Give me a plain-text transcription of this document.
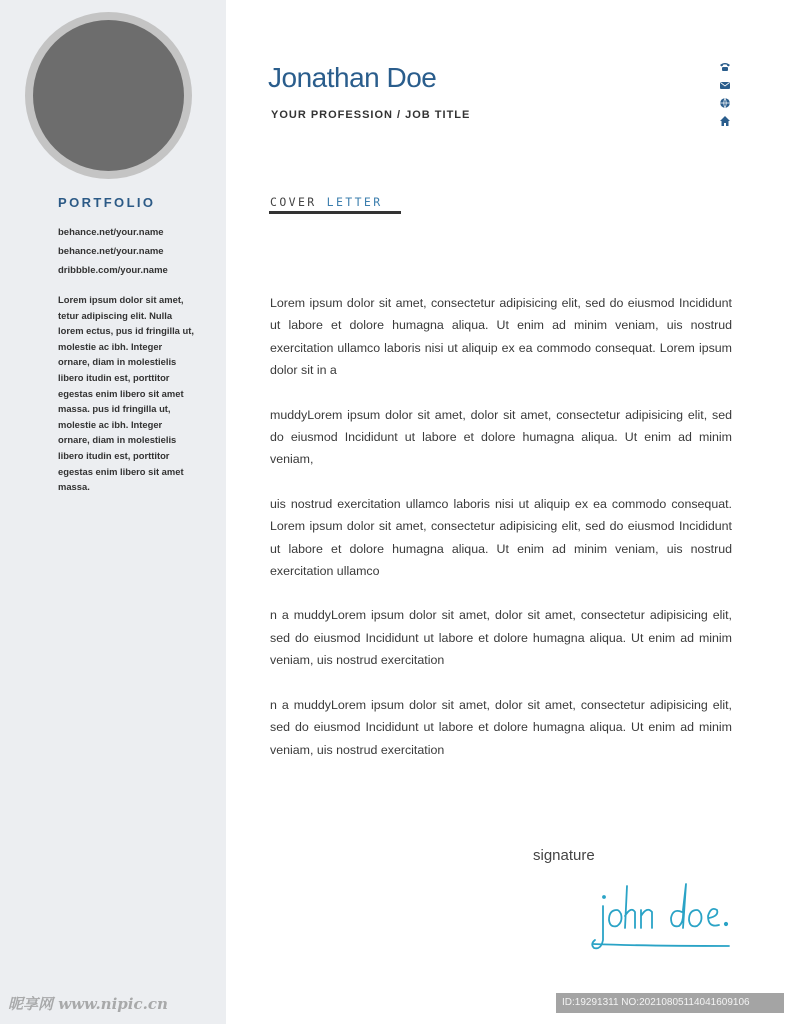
PORTFOLIO
behance.net/your.name
behance.net/your.name
dribbble.com/your.name
Lorem ipsum dolor sit amet, tetur adipiscing elit. Nulla lorem ectus, pus id fringilla ut, molestie ac ibh. Integer ornare, diam in molestielis libero itudin est, porttitor egestas enim libero sit amet massa. pus id fringilla ut, molestie ac ibh. Integer ornare, diam in molestielis libero itudin est, porttitor egestas enim libero sit amet massa.
Jonathan Doe
YOUR PROFESSION / JOB TITLE
COVER LETTER

Lorem ipsum dolor sit amet, consectetur adipisicing elit, sed do eiusmod Incididunt ut labore et dolore humagna aliqua. Ut enim ad minim veniam, uis nostrud exercitation ullamco laboris nisi ut aliquip ex ea commodo consequat. Lorem ipsum dolor sit in a

muddyLorem ipsum dolor sit amet, dolor sit amet, consectetur adipisicing elit, sed do eiusmod Incididunt ut labore et dolore humagna aliqua. Ut enim ad minim veniam,

uis nostrud exercitation ullamco laboris nisi ut aliquip ex ea commodo consequat. Lorem ipsum dolor sit amet, consectetur adipisicing elit, sed do eiusmod Incididunt ut labore et dolore humagna aliqua. Ut enim ad minim veniam, uis nostrud exercitation ullamco

n a muddyLorem ipsum dolor sit amet, dolor sit amet, consectetur adipisicing elit, sed do eiusmod Incididunt ut labore et dolore humagna aliqua. Ut enim ad minim veniam, uis nostrud exercitation

n a muddyLorem ipsum dolor sit amet, dolor sit amet, consectetur adipisicing elit, sed do eiusmod Incididunt ut labore et dolore humagna aliqua. Ut enim ad minim veniam, uis nostrud exercitation

signature
昵享网 www.nipic.cn	ID:19291311 NO:20210805114041609106
